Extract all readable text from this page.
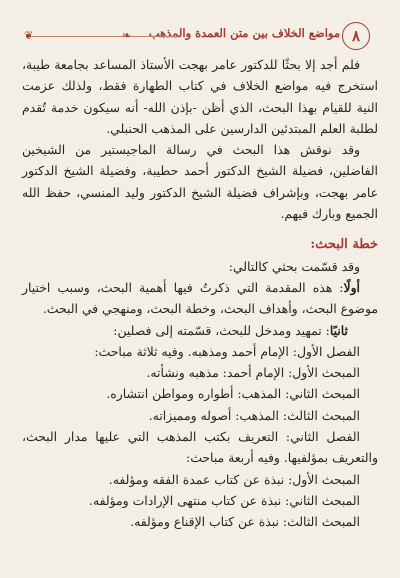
٨
مواضع الخلاف بين متن العمدة والمذهب
❧
❦

فلم أجد إلا بحثًا للدكتور عامر بهجت الأستاذ المساعد بجامعة طيبة، استخرج فيه مواضع الخلاف في كتاب الطهارة فقط، ولذلك عزمت النية للقيام بهذا البحث، الذي أظن -بإذن الله- أنه سيكون خدمة تُقدم لطلبة العلم المبتدئين الدارسين على المذهب الحنبلي.

وقد نوقش هذا البحث في رسالة الماجيستير من الشيخين الفاضلين، فضيلة الشيخ الدكتور أحمد حطيبة، وفضيلة الشيخ الدكتور عامر بهجت، وبإشراف فضيلة الشيخ الدكتور وليد المنسي، حفظ الله الجميع وبارك فيهم.

خطة البحث:

وقد قسّمت بحثي كالتالي:

أولًا: هذه المقدمة التي ذكرتُ فيها أهمية البحث، وسبب اختيار موضوع البحث، وأهداف البحث، وخطة البحث، ومنهجي في البحث.

ثانيًا: تمهيد ومدخل للبحث، قسّمته إلى فصلين:

الفصل الأول: الإمام أحمد ومذهبه. وفيه ثلاثة مباحث:

المبحث الأول: الإمام أحمد: مذهبه ونشأته.

المبحث الثاني: المذهب: أطواره ومواطن انتشاره.

المبحث الثالث: المذهب: أصوله ومميزاته.

الفصل الثاني: التعريف بكتب المذهب التي عليها مدار البحث، والتعريف بمؤلفيها. وفيه أربعة مباحث:

المبحث الأول: نبذة عن كتاب عمدة الفقه ومؤلفه.

المبحث الثاني: نبذة عن كتاب منتهى الإرادات ومؤلفه.

المبحث الثالث: نبذة عن كتاب الإقناع ومؤلفه.
